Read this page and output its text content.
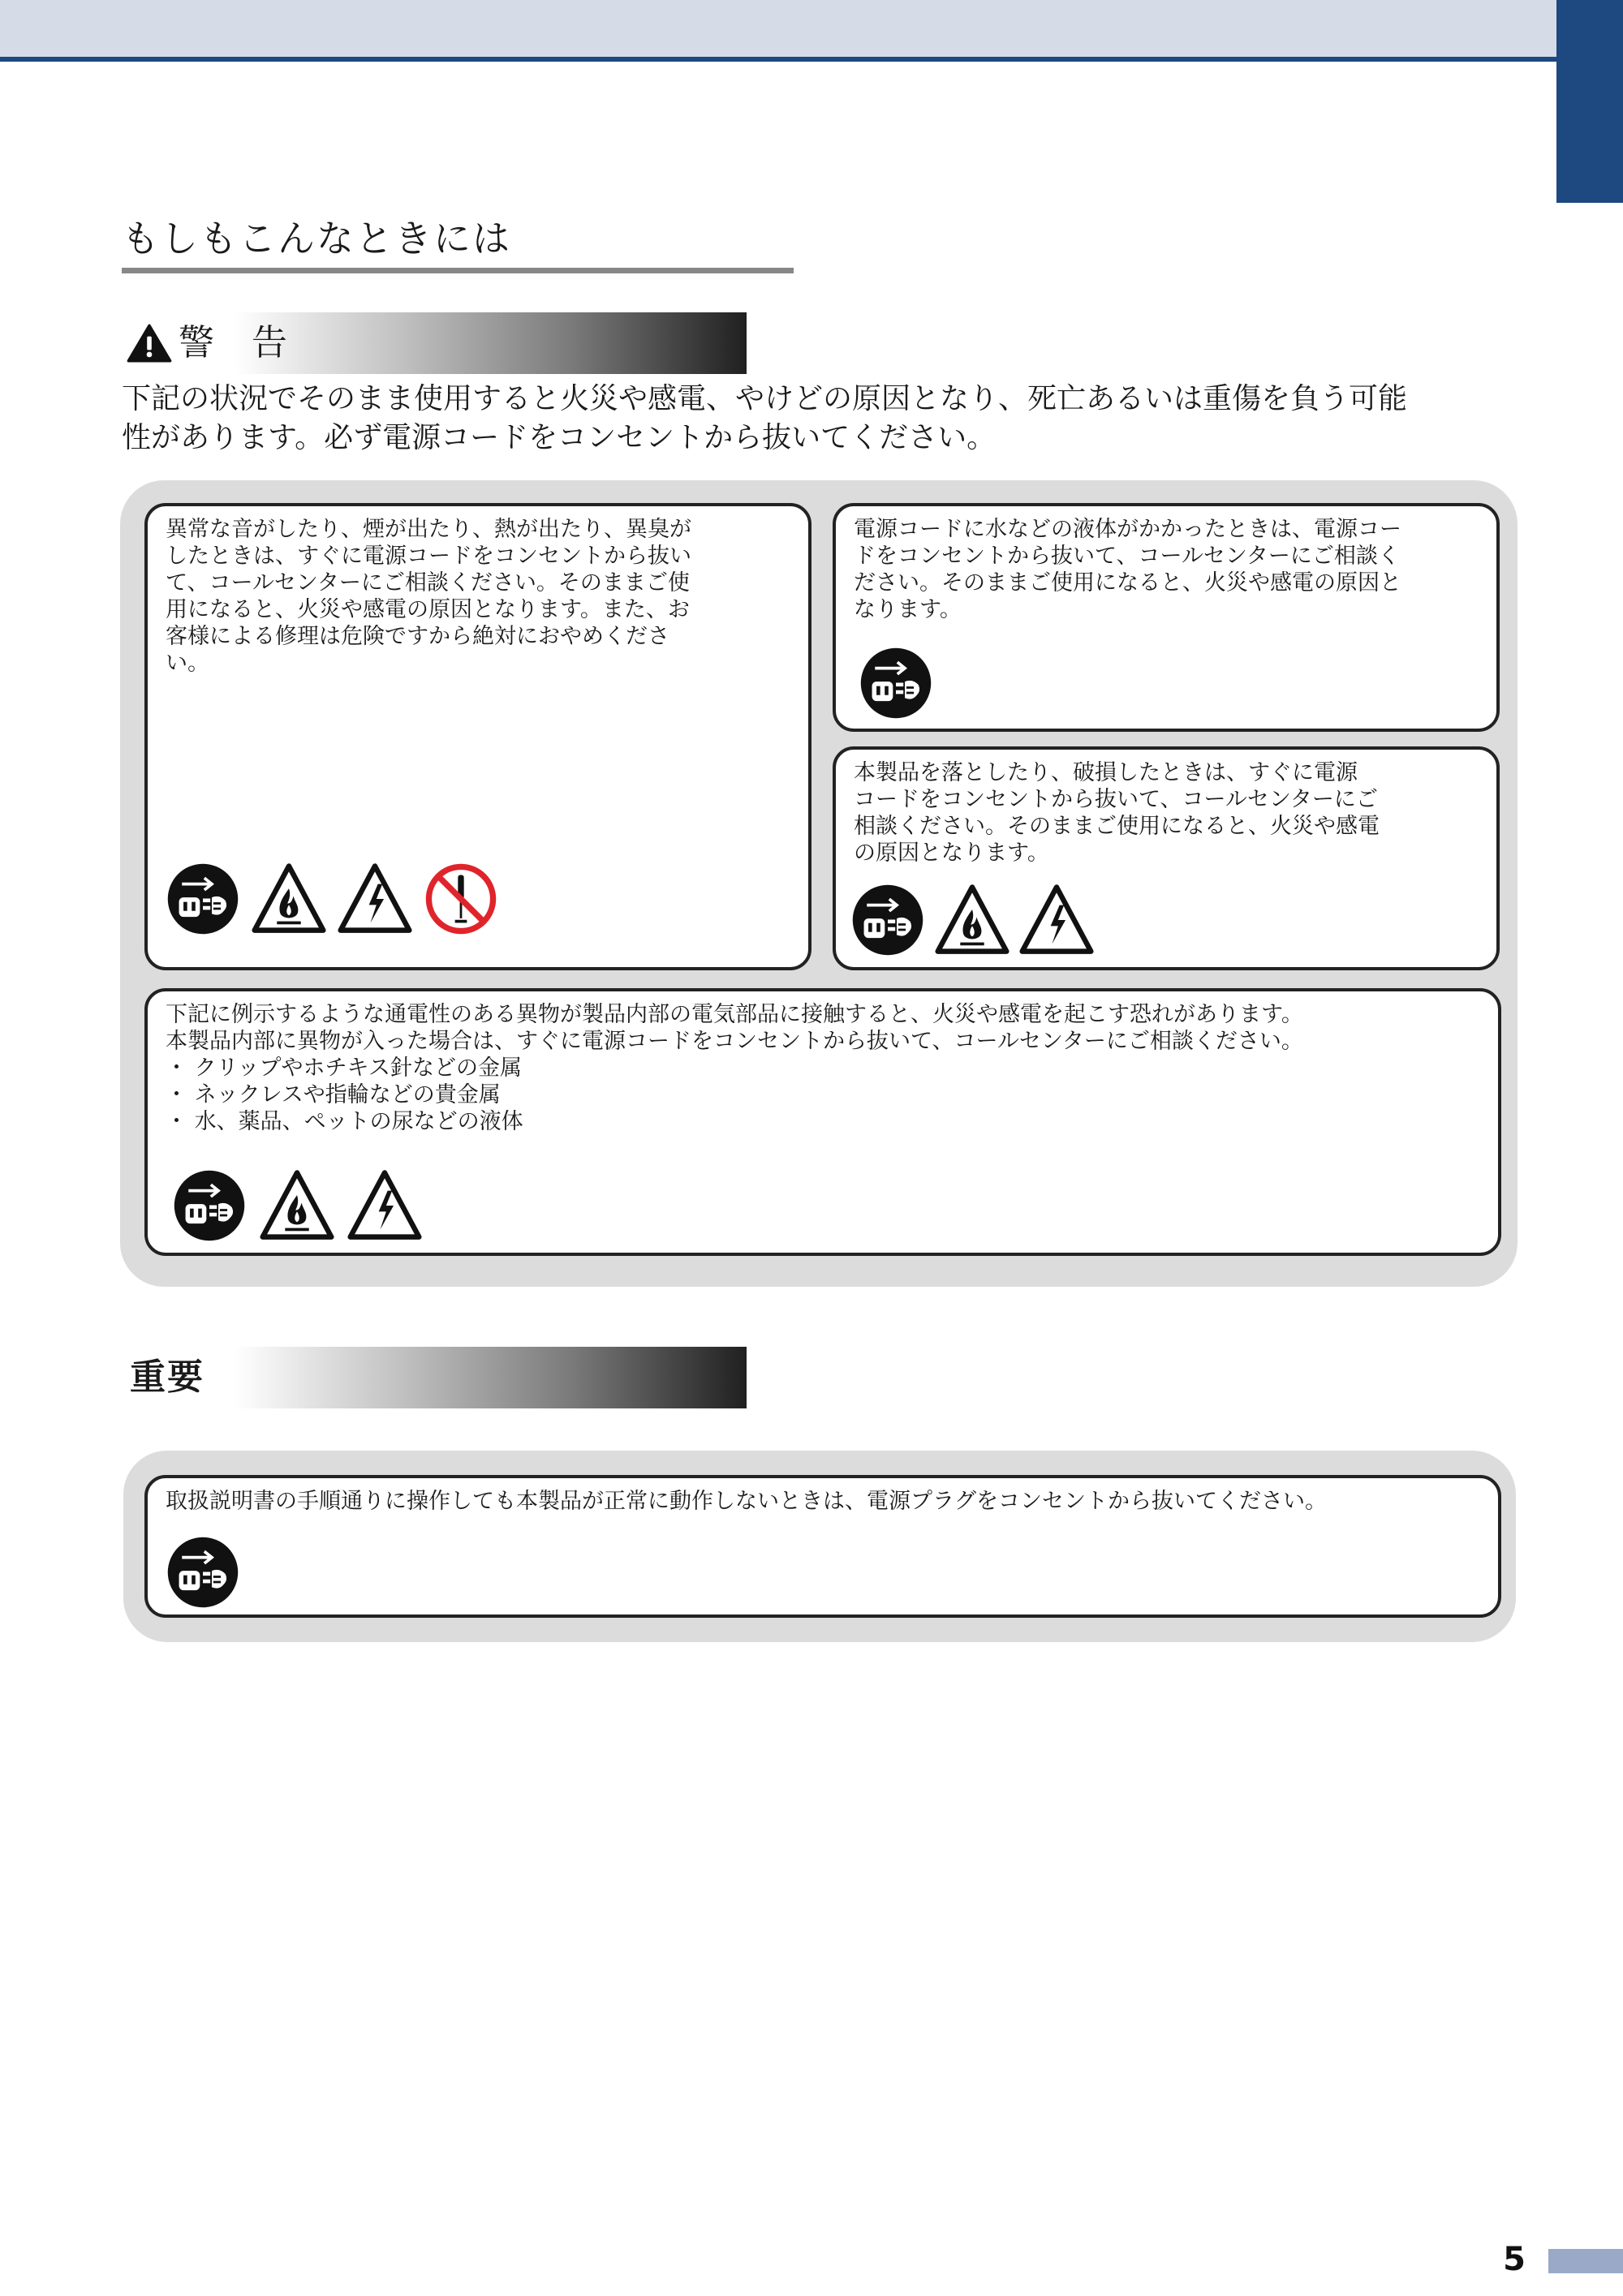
もしもこんなときには
警 告
下記の状況でそのまま使用すると火災や感電、やけどの原因となり、死亡あるいは重傷を負う可能
性があります。必ず電源コードをコンセントから抜いてください。
異常な音がしたり、煙が出たり、熱が出たり、異臭が
したときは、すぐに電源コードをコンセントから抜い
て、コールセンターにご相談ください。そのままご使
用になると、火災や感電の原因となります。また、お
客様による修理は危険ですから絶対におやめくださ
い。
電源コードに水などの液体がかかったときは、電源コー
ドをコンセントから抜いて、コールセンターにご相談く
ださい。そのままご使用になると、火災や感電の原因と
なります。
本製品を落としたり、破損したときは、すぐに電源
コードをコンセントから抜いて、コールセンターにご
相談ください。そのままご使用になると、火災や感電
の原因となります。
下記に例示するような通電性のある異物が製品内部の電気部品に接触すると、火災や感電を起こす恐れがあります。
本製品内部に異物が入った場合は、すぐに電源コードをコンセントから抜いて、コールセンターにご相談ください。
・ クリップやホチキス針などの金属
・ ネックレスや指輪などの貴金属
・ 水、薬品、ペットの尿などの液体
重要
取扱説明書の手順通りに操作しても本製品が正常に動作しないときは、電源プラグをコンセントから抜いてください。
5
